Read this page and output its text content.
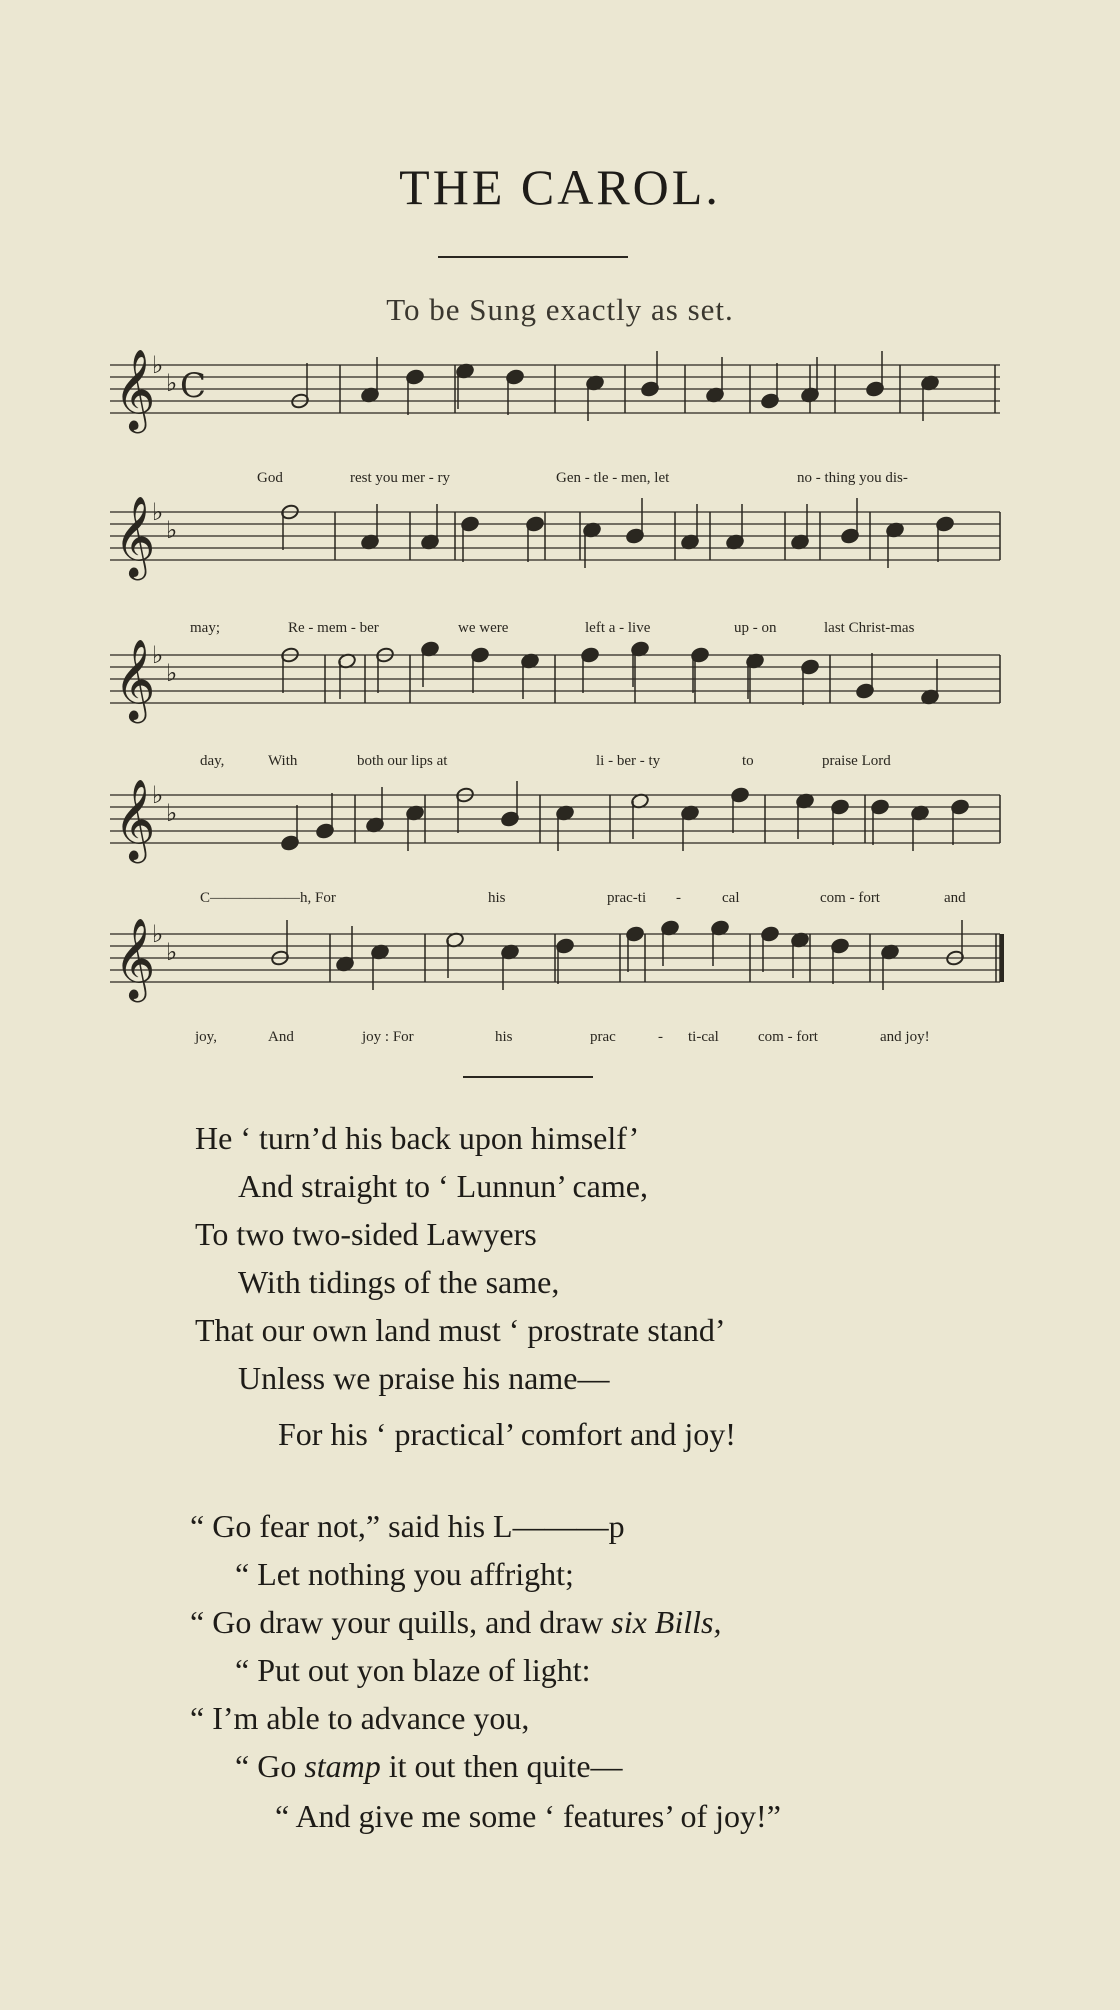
THE CAROL.
To be Sung exactly as set.
𝄞
♭
♭ C
𝄞
♭
♭
𝄞
♭
♭
𝄞
♭
♭
𝄞
♭
♭
God	rest you mer - ry	Gen - tle - men, let	no - thing you dis-
may;	Re - mem - ber	we were	left a - live	up - on	last Christ-mas
day,	With	both our lips at	li - ber - ty	to	praise Lord
C——————h, For	his	prac-ti -	cal	com - fort	and
joy,	And	joy : For	his	prac	- ti-cal	com - fort	and joy!
He ‘ turn’d his back upon himself’
And straight to ‘ Lunnun’ came,
To two two-sided Lawyers
With tidings of the same,
That our own land must ‘ prostrate stand’
Unless we praise his name—
For his ‘ practical’ comfort and joy!
“ Go fear not,” said his L———p
“ Let nothing you affright;
“ Go draw your quills, and draw six Bills,
“ Put out yon blaze of light:
“ I’m able to advance you,
“ Go stamp it out then quite—
“ And give me some ‘ features’ of joy!”
